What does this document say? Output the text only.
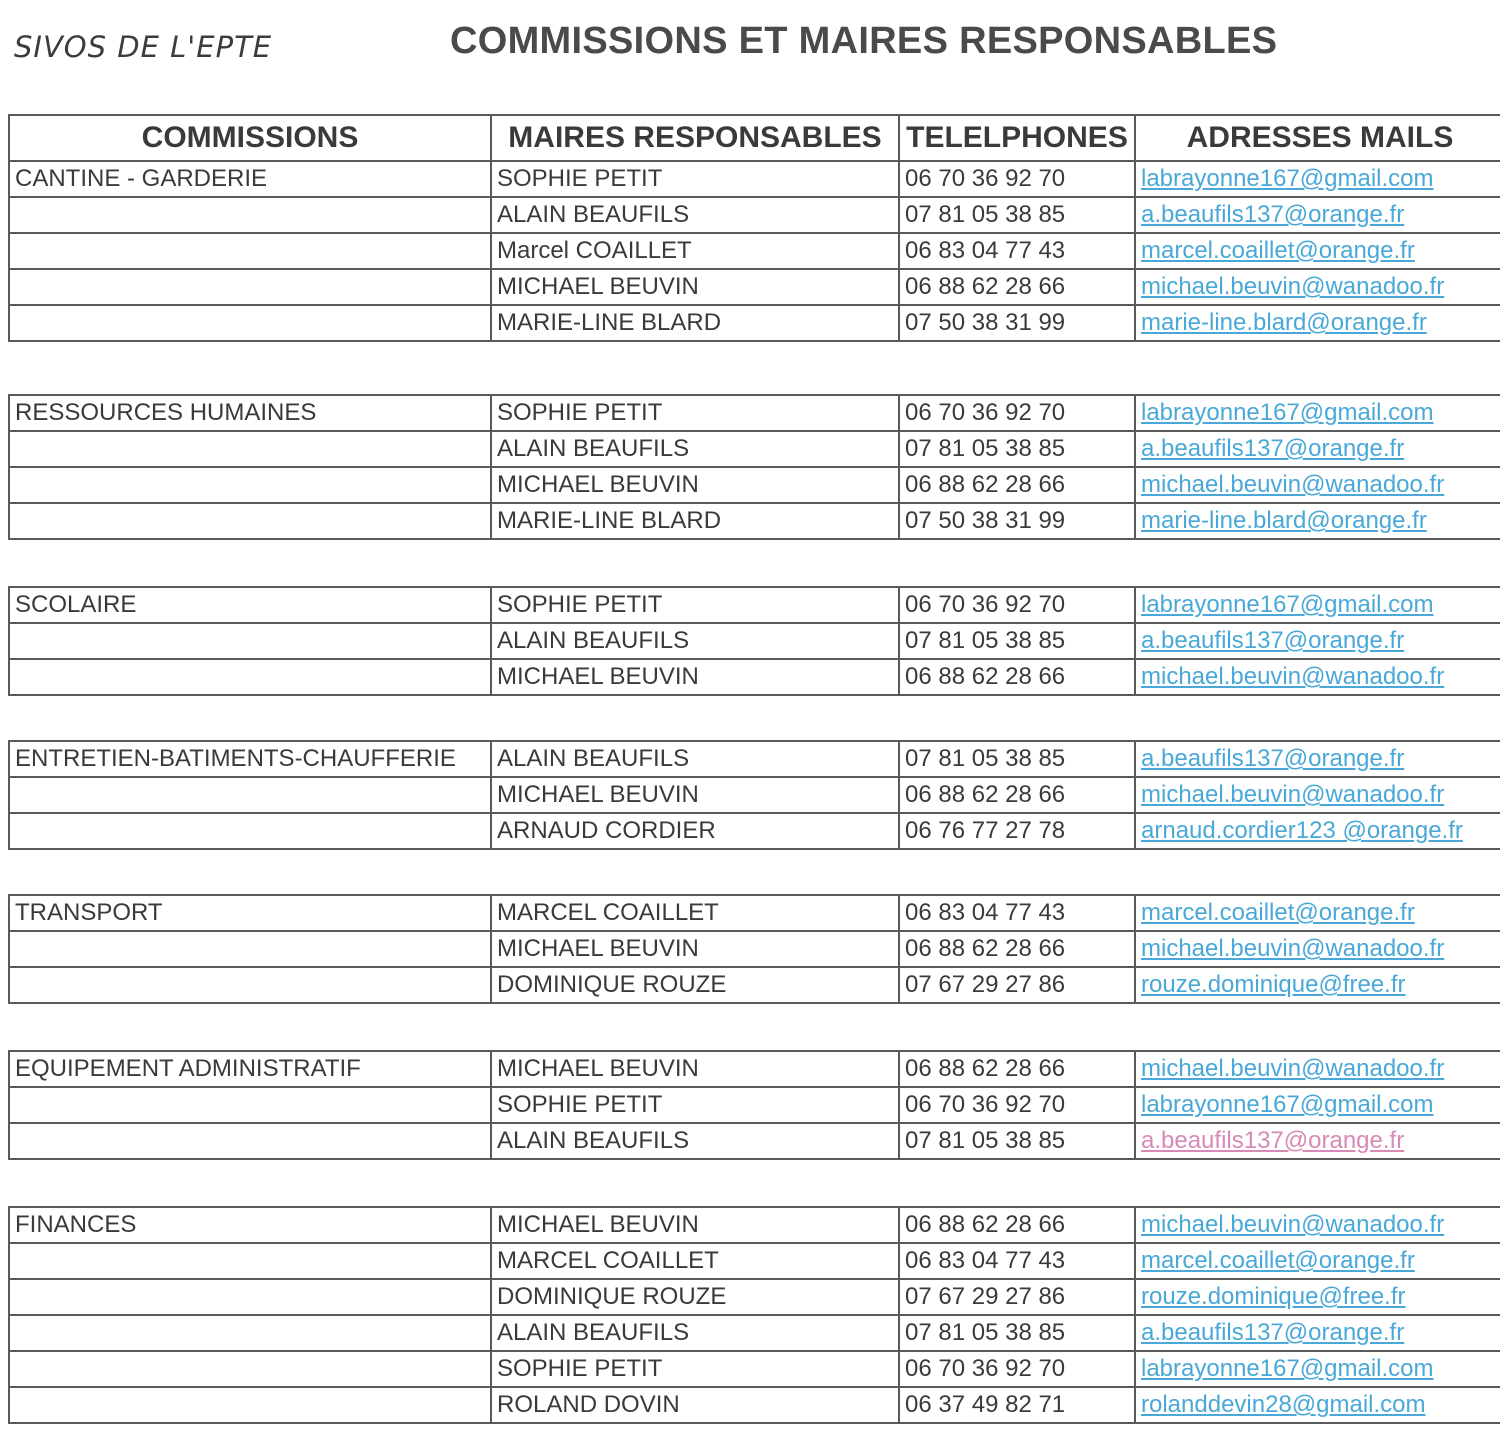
SIVOS DE L'EPTE	COMMISSIONS ET MAIRES RESPONSABLES
COMMISSIONS	MAIRES RESPONSABLES	TELELPHONES	ADRESSES MAILS
CANTINE - GARDERIE	SOPHIE PETIT	06 70 36 92 70	labrayonne167@gmail.com
	ALAIN BEAUFILS	07 81 05 38 85	a.beaufils137@orange.fr
	Marcel COAILLET	06 83 04 77 43	marcel.coaillet@orange.fr
	MICHAEL BEUVIN	06 88 62 28 66	michael.beuvin@wanadoo.fr
	MARIE-LINE BLARD	07 50 38 31 99	marie-line.blard@orange.fr
RESSOURCES HUMAINES	SOPHIE PETIT	06 70 36 92 70	labrayonne167@gmail.com
	ALAIN BEAUFILS	07 81 05 38 85	a.beaufils137@orange.fr
	MICHAEL BEUVIN	06 88 62 28 66	michael.beuvin@wanadoo.fr
	MARIE-LINE BLARD	07 50 38 31 99	marie-line.blard@orange.fr
SCOLAIRE	SOPHIE PETIT	06 70 36 92 70	labrayonne167@gmail.com
	ALAIN BEAUFILS	07 81 05 38 85	a.beaufils137@orange.fr
	MICHAEL BEUVIN	06 88 62 28 66	michael.beuvin@wanadoo.fr
ENTRETIEN-BATIMENTS-CHAUFFERIE	ALAIN BEAUFILS	07 81 05 38 85	a.beaufils137@orange.fr
	MICHAEL BEUVIN	06 88 62 28 66	michael.beuvin@wanadoo.fr
	ARNAUD CORDIER	06 76 77 27 78	arnaud.cordier123 @orange.fr
TRANSPORT	MARCEL COAILLET	06 83 04 77 43	marcel.coaillet@orange.fr
	MICHAEL BEUVIN	06 88 62 28 66	michael.beuvin@wanadoo.fr
	DOMINIQUE ROUZE	07 67 29 27 86	rouze.dominique@free.fr
EQUIPEMENT ADMINISTRATIF	MICHAEL BEUVIN	06 88 62 28 66	michael.beuvin@wanadoo.fr
	SOPHIE PETIT	06 70 36 92 70	labrayonne167@gmail.com
	ALAIN BEAUFILS	07 81 05 38 85	a.beaufils137@orange.fr
FINANCES	MICHAEL BEUVIN	06 88 62 28 66	michael.beuvin@wanadoo.fr
	MARCEL COAILLET	06 83 04 77 43	marcel.coaillet@orange.fr
	DOMINIQUE ROUZE	07 67 29 27 86	rouze.dominique@free.fr
	ALAIN BEAUFILS	07 81 05 38 85	a.beaufils137@orange.fr
	SOPHIE PETIT	06 70 36 92 70	labrayonne167@gmail.com
	ROLAND DOVIN	06 37 49 82 71	rolanddevin28@gmail.com
